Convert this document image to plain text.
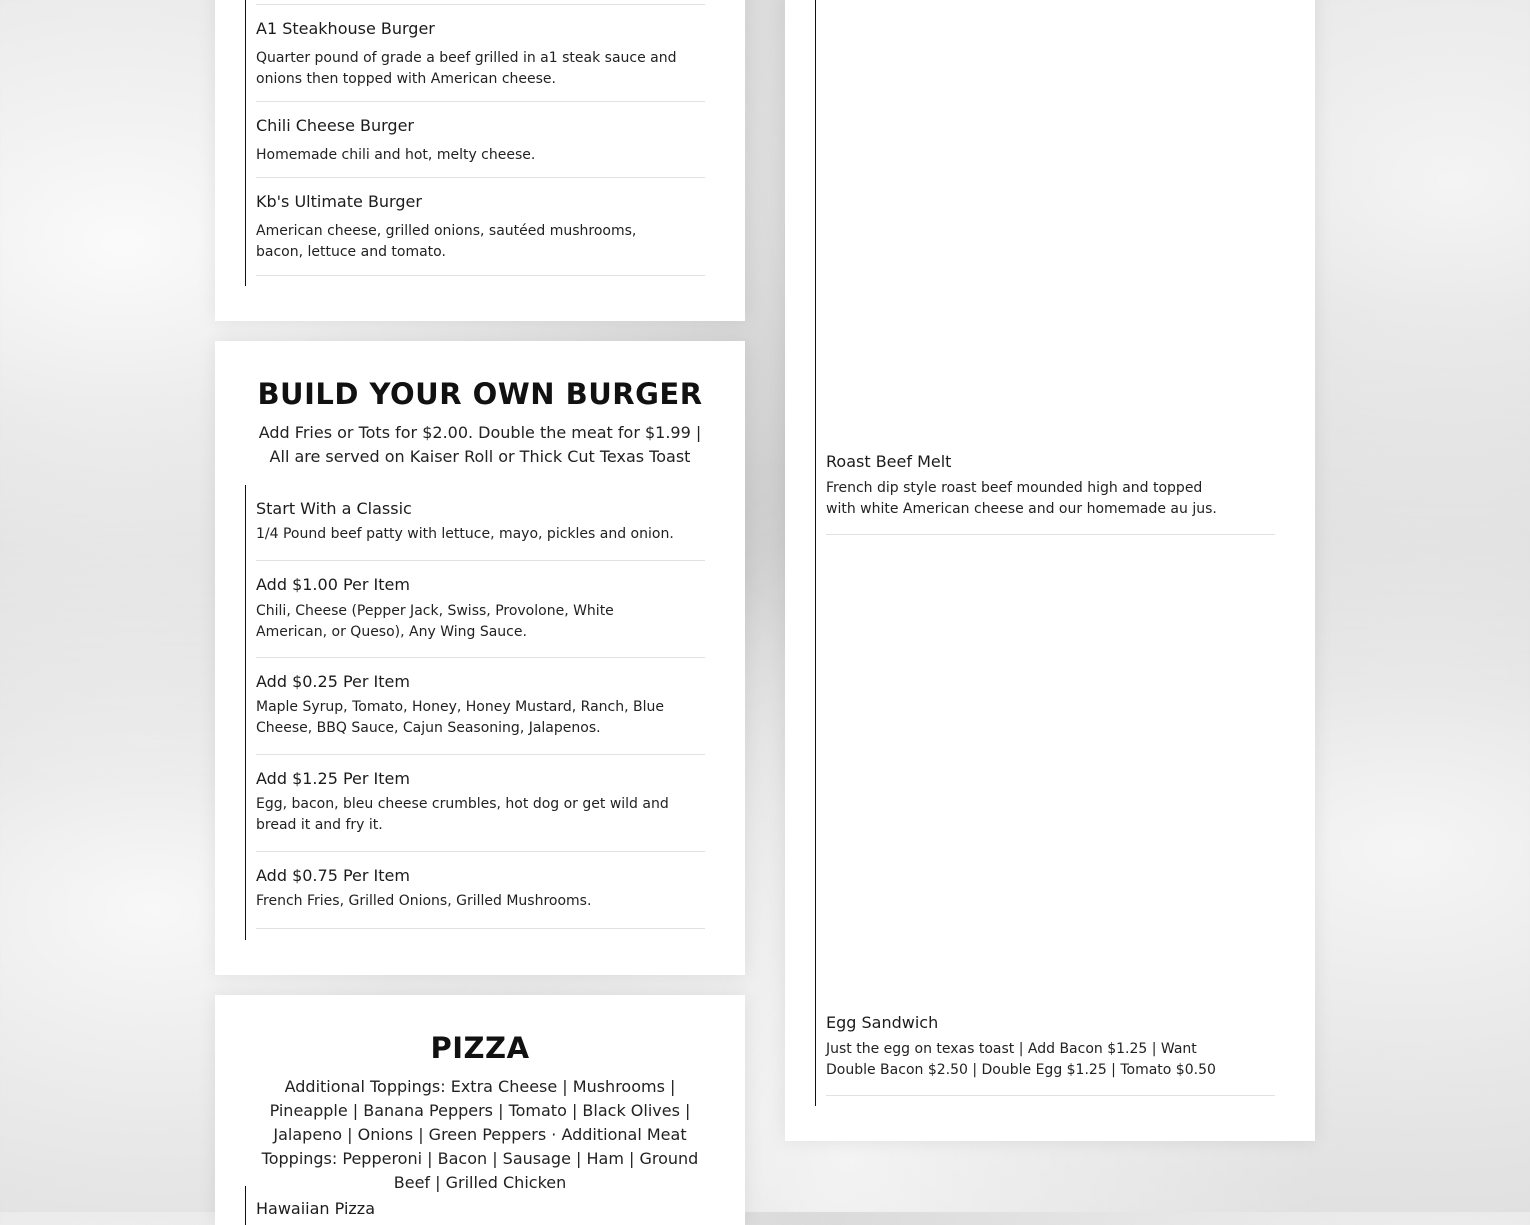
A1 Steakhouse Burger
Quarter pound of grade a beef grilled in a1 steak sauce and onions then topped with American cheese.
Chili Cheese Burger
Homemade chili and hot, melty cheese.
Kb's Ultimate Burger
American cheese, grilled onions, sautéed mushrooms, bacon, lettuce and tomato.
BUILD YOUR OWN BURGER
Add Fries or Tots for $2.00. Double the meat for $1.99 | All are served on Kaiser Roll or Thick Cut Texas Toast
Start With a Classic
1/4 Pound beef patty with lettuce, mayo, pickles and onion.
Add $1.00 Per Item
Chili, Cheese (Pepper Jack, Swiss, Provolone, White American, or Queso), Any Wing Sauce.
Add $0.25 Per Item
Maple Syrup, Tomato, Honey, Honey Mustard, Ranch, Blue Cheese, BBQ Sauce, Cajun Seasoning, Jalapenos.
Add $1.25 Per Item
Egg, bacon, bleu cheese crumbles, hot dog or get wild and bread it and fry it.
Add $0.75 Per Item
French Fries, Grilled Onions, Grilled Mushrooms.
PIZZA
Additional Toppings: Extra Cheese | Mushrooms | Pineapple | Banana Peppers | Tomato | Black Olives | Jalapeno | Onions | Green Peppers · Additional Meat Toppings: Pepperoni | Bacon | Sausage | Ham | Ground Beef | Grilled Chicken
Hawaiian Pizza
Roast Beef Melt
French dip style roast beef mounded high and topped with white American cheese and our homemade au jus.
Egg Sandwich
Just the egg on texas toast | Add Bacon $1.25 | Want Double Bacon $2.50 | Double Egg $1.25 | Tomato $0.50
